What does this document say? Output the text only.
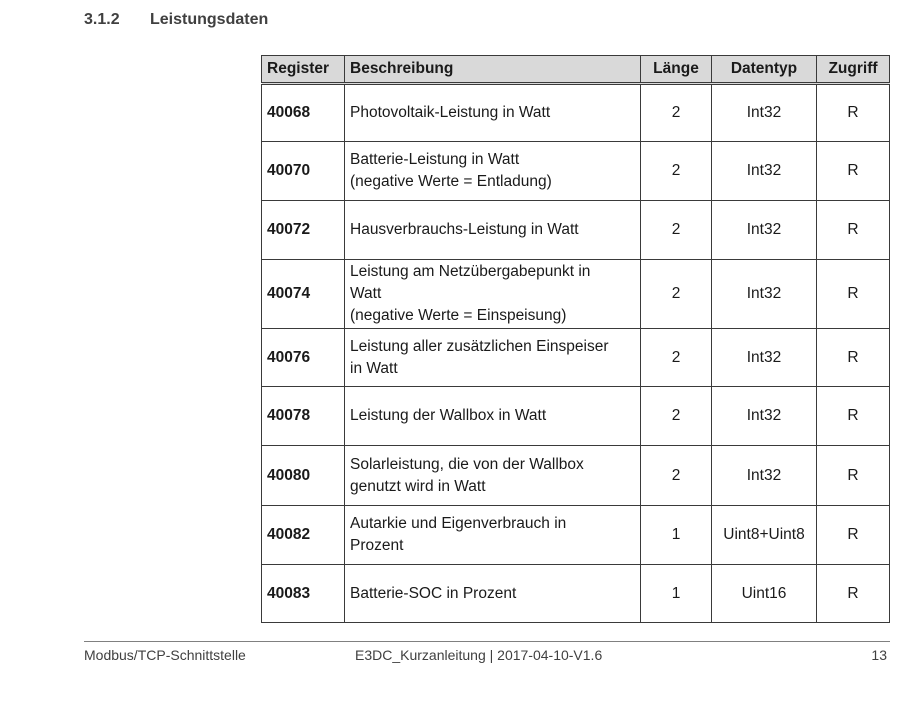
3.1.2 Leistungsdaten
Register	Beschreibung	Länge	Datentyp	Zugriff
40068	Photovoltaik-Leistung in Watt	2	Int32	R
40070	Batterie-Leistung in Watt
(negative Werte = Entladung)	2	Int32	R
40072	Hausverbrauchs-Leistung in Watt	2	Int32	R
40074	Leistung am Netzübergabepunkt in
Watt
(negative Werte = Einspeisung)	2	Int32	R
40076	Leistung aller zusätzlichen Einspeiser
in Watt	2	Int32	R
40078	Leistung der Wallbox in Watt	2	Int32	R
40080	Solarleistung, die von der Wallbox
genutzt wird in Watt	2	Int32	R
40082	Autarkie und Eigenverbrauch in
Prozent	1	Uint8+Uint8	R
40083	Batterie-SOC in Prozent	1	Uint16	R
Modbus/TCP-Schnittstelle	E3DC_Kurzanleitung | 2017-04-10-V1.6	13
